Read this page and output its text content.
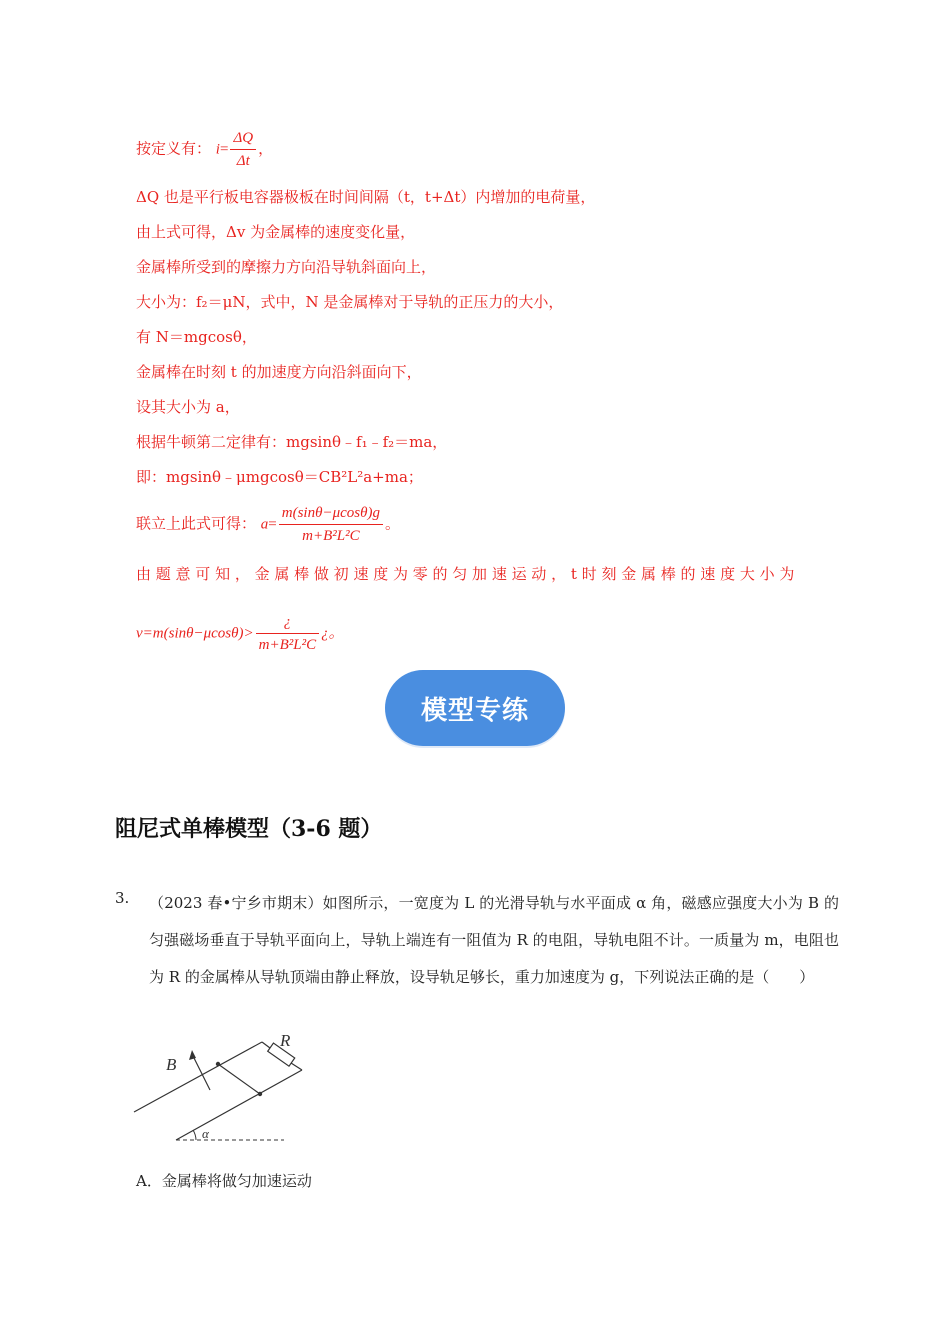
按定义有： $i= \frac{\Delta Q}{\Delta t}$ ，
ΔQ 也是平行板电容器极板在时间间隔（t，t+Δt）内增加的电荷量，
由上式可得，Δv 为金属棒的速度变化量，
金属棒所受到的摩擦力方向沿导轨斜面向上，
大小为：f₂＝μN，式中，N 是金属棒对于导轨的正压力的大小，
有 N＝mgcosθ，
金属棒在时刻 t 的加速度方向沿斜面向下，
设其大小为 a，
根据牛顿第二定律有：mgsinθ﹣f₁﹣f₂＝ma，
即：mgsinθ﹣μmgcosθ＝CB²L²a+ma；
联立上此式可得： $a= \frac{m(\sin\theta-\mu\cos\theta)g}{\text{m+B²L²C}}$ 。
由 题 意 可 知 ， 金 属 棒 做 初 速 度 为 零 的 匀 加 速 运 动 ， t 时 刻 金 属 棒 的 速 度 大 小 为
$v=m(\sin\theta-\mu\cos\theta)> \frac{¿}{\text{m+B²L²C}}$ ¿。
模型专练
阻尼式单棒模型（3-6 题）
3. （2023 春•宁乡市期末）如图所示，一宽度为 L 的光滑导轨与水平面成 α 角，磁感应强度大小为 B 的匀强磁场垂直于导轨平面向上，导轨上端连有一阻值为 R 的电阻，导轨电阻不计。一质量为 m，电阻也为 R 的金属棒从导轨顶端由静止释放，设导轨足够长，重力加速度为 g，下列说法正确的是（　　）
B
R
α
A．金属棒将做匀加速运动
